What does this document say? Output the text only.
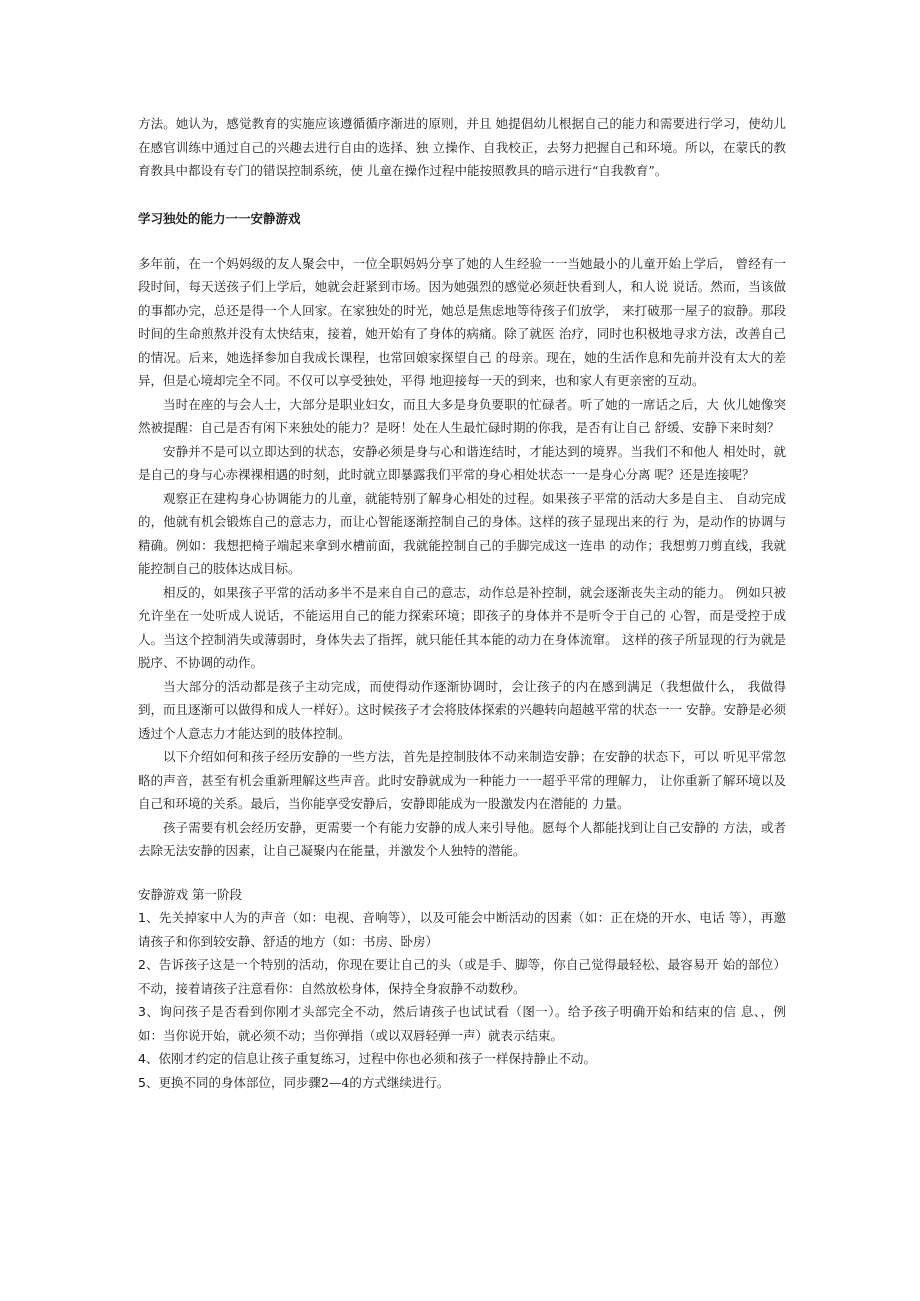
方法。她认为，感觉教育的实施应该遵循循序渐进的原则，并且 她提倡幼儿根据自己的能力和需要进行学习，使幼儿在感官训练中通过自己的兴趣去进行自由的选择、独 立操作、自我校正，去努力把握自己和环境。所以，在蒙氏的教育教具中都设有专门的错误控制系统，使 儿童在操作过程中能按照教具的暗示进行“自我教育”。

学习独处的能力一一安静游戏

多年前，在一个妈妈级的友人聚会中，一位全职妈妈分享了她的人生经验一一当她最小的儿童开始上学后， 曾经有一段时间，每天送孩子们上学后，她就会赶紧到市场。因为她强烈的感觉必须赶快看到人，和人说 说话。然而，当该做的事都办完，总还是得一个人回家。在家独处的时光，她总是焦虑地等待孩子们放学， 来打破那一屋子的寂静。那段时间的生命煎熬并没有太快结束，接着，她开始有了身体的病痛。除了就医 治疗，同时也积极地寻求方法，改善自己的情况。后来，她选择参加自我成长课程，也常回娘家探望自己 的母亲。现在，她的生活作息和先前并没有太大的差异，但是心境却完全不同。不仅可以享受独处，平得 地迎接每一天的到来，也和家人有更亲密的互动。

当时在座的与会人士，大部分是职业妇女，而且大多是身负要职的忙碌者。听了她的一席话之后，大 伙儿她像突然被提醒：自己是否有闲下来独处的能力？是呀！处在人生最忙碌时期的你我，是否有让自己 舒缓、安静下来时刻？

安静并不是可以立即达到的状态，安静必须是身与心和谐连结时，才能达到的境界。当我们不和他人 相处时，就是自己的身与心赤裸裸相遇的时刻，此时就立即暴露我们平常的身心相处状态一一是身心分离 呢？还是连接呢？

观察正在建构身心协调能力的儿童，就能特别了解身心相处的过程。如果孩子平常的活动大多是自主、 自动完成的，他就有机会锻炼自己的意志力，而让心智能逐渐控制自己的身体。这样的孩子显现出来的行 为，是动作的协调与精确。例如：我想把椅子端起来拿到水槽前面，我就能控制自己的手脚完成这一连串 的动作；我想剪刀剪直线，我就能控制自己的肢体达成目标。

相反的，如果孩子平常的活动多半不是来自自己的意志，动作总是补控制，就会逐渐丧失主动的能力。 例如只被允许坐在一处听成人说话，不能运用自己的能力探索环境；即孩子的身体并不是听令于自己的 心智，而是受控于成人。当这个控制消失或薄弱时，身体失去了指挥，就只能任其本能的动力在身体流窜。 这样的孩子所显现的行为就是脱序、不协调的动作。

当大部分的活动都是孩子主动完成，而使得动作逐渐协调时，会让孩子的内在感到满足（我想做什么， 我做得到，而且逐渐可以做得和成人一样好）。这时候孩子才会将肢体探索的兴趣转向超越平常的状态一一 安静。安静是必须透过个人意志力才能达到的肢体控制。

以下介绍如何和孩子经历安静的一些方法，首先是控制肢体不动来制造安静；在安静的状态下，可以 听见平常忽略的声音，甚至有机会重新理解这些声音。此时安静就成为一种能力一一超乎平常的理解力， 让你重新了解环境以及自己和环境的关系。最后，当你能享受安静后，安静即能成为一股激发内在潜能的 力量。

孩子需要有机会经历安静，更需要一个有能力安静的成人来引导他。愿每个人都能找到让自己安静的 方法，或者去除无法安静的因素，让自己凝聚内在能量，并激发个人独特的潜能。

安静游戏 第一阶段

1、先关掉家中人为的声音（如：电视、音响等），以及可能会中断活动的因素（如：正在烧的开水、电话 等），再邀请孩子和你到较安静、舒适的地方（如：书房、卧房）
2、告诉孩子这是一个特别的活动，你现在要让自己的头（或是手、脚等，你自己觉得最轻松、最容易开 始的部位）不动，接着请孩子注意看你：自然放松身体，保持全身寂静不动数秒。
3、询问孩子是否看到你刚才头部完全不动，然后请孩子也试试看（图一）。给予孩子明确开始和结束的信 息、，例如：当你说开始，就必须不动；当你弹指（或以双唇轻弹一声）就表示结束。
4、依刚才约定的信息让孩子重复练习，过程中你也必须和孩子一样保持静止不动。
5、更换不同的身体部位，同步骤2—4的方式继续进行。
